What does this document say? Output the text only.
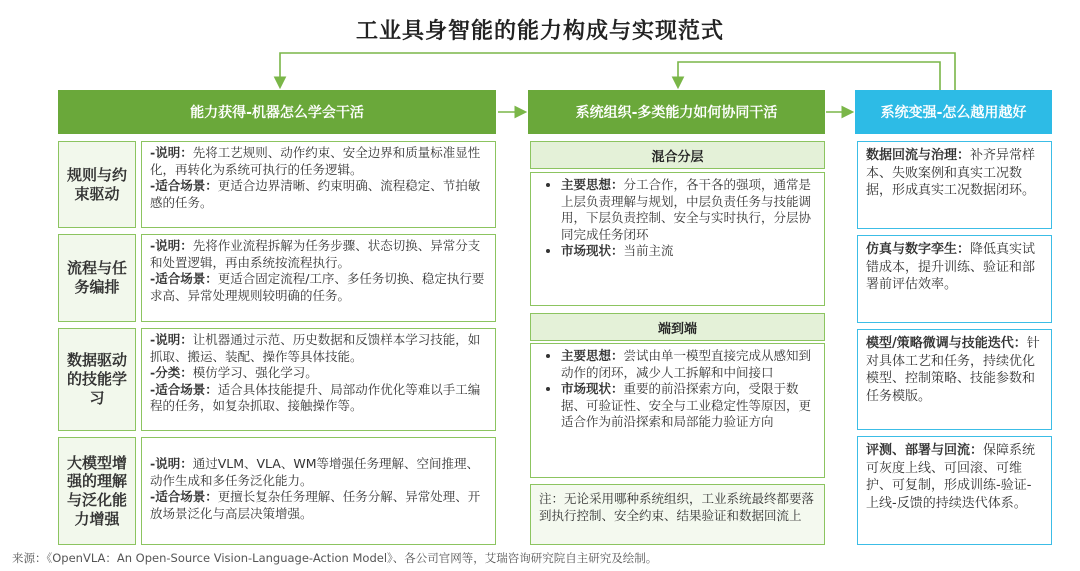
工业具身智能的能力构成与实现范式
能力获得-机器怎么学会干活
规则与约束驱动

-说明：先将工艺规则、动作约束、安全边界和质量标准显性化，再转化为系统可执行的任务逻辑。

-适合场景：更适合边界清晰、约束明确、流程稳定、节拍敏感的任务。

流程与任务编排

-说明：先将作业流程拆解为任务步骤、状态切换、异常分支和处置逻辑，再由系统按流程执行。

-适合场景：更适合固定流程/工序、多任务切换、稳定执行要求高、异常处理规则较明确的任务。

数据驱动的技能学习

-说明：让机器通过示范、历史数据和反馈样本学习技能，如抓取、搬运、装配、操作等具体技能。

-分类：模仿学习、强化学习。

-适合场景：适合具体技能提升、局部动作优化等难以手工编程的任务，如复杂抓取、接触操作等。

大模型增强的理解与泛化能力增强

-说明：通过VLM、VLA、WM等增强任务理解、空间推理、动作生成和多任务泛化能力。

-适合场景：更擅长复杂任务理解、任务分解、异常处理、开放场景泛化与高层决策增强。

系统组织-多类能力如何协同干活
混合分层
• 主要思想：分工合作，各干各的强项，通常是上层负责理解与规划，中层负责任务与技能调用，下层负责控制、安全与实时执行，分层协同完成任务闭环
• 市场现状：当前主流
端到端
• 主要思想：尝试由单一模型直接完成从感知到动作的闭环，减少人工拆解和中间接口
• 市场现状：重要的前沿探索方向，受限于数据、可验证性、安全与工业稳定性等原因，更适合作为前沿探索和局部能力验证方向
注：无论采用哪种系统组织，工业系统最终都要落到执行控制、安全约束、结果验证和数据回流上
系统变强-怎么越用越好
数据回流与治理：补齐异常样本、失败案例和真实工况数据，形成真实工况数据闭环。
仿真与数字孪生：降低真实试错成本，提升训练、验证和部署前评估效率。
模型/策略微调与技能迭代：针对具体工艺和任务，持续优化模型、控制策略、技能参数和任务模版。
评测、部署与回流：保障系统可灰度上线、可回滚、可维护、可复制，形成训练-验证-上线-反馈的持续迭代体系。
来源：《OpenVLA：An Open-Source Vision-Language-Action Model》、各公司官网等，艾瑞咨询研究院自主研究及绘制。
